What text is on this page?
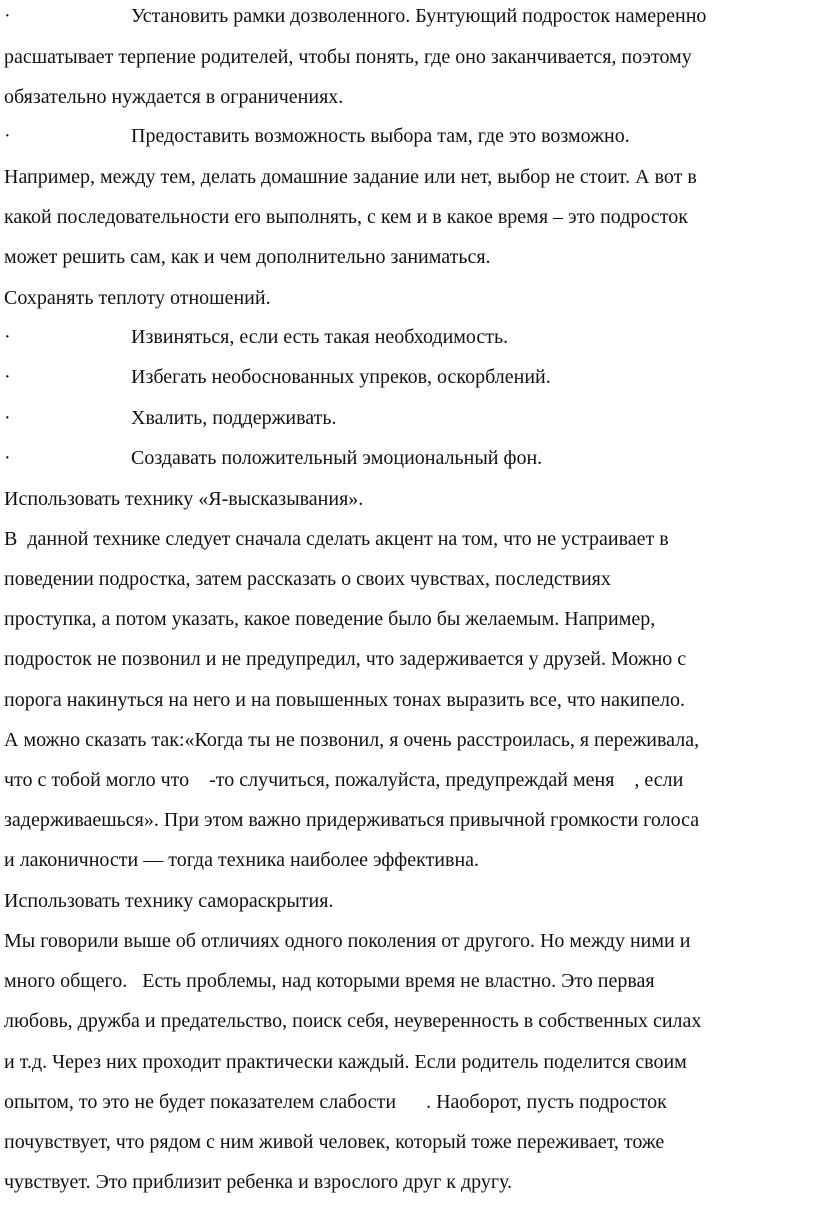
·	Установить рамки дозволенного. Бунтующий подросток намеренно
расшатывает терпение родителей, чтобы понять, где оно заканчивается, поэтому
обязательно нуждается в ограничениях.
·	Предоставить возможность выбора там, где это возможно.
Например, между тем, делать домашние задание или нет, выбор не стоит. А вот в
какой последовательности его выполнять, с кем и в какое время – это подросток
может решить сам, как и чем дополнительно заниматься.
Сохранять теплоту отношений.
·	Извиняться, если есть такая необходимость.
·	Избегать необоснованных упреков, оскорблений.
·	Хвалить, поддерживать.
·	Создавать положительный эмоциональный фон.
Использовать технику «Я-высказывания».
В  данной технике следует сначала сделать акцент на том, что не устраивает в
поведении подростка, затем рассказать о своих чувствах, последствиях
проступка, а потом указать, какое поведение было бы желаемым. Например,
подросток не позвонил и не предупредил, что задерживается у друзей. Можно с
порога накинуться на него и на повышенных тонах выразить все, что накипело.
А можно сказать так:«Когда ты не позвонил, я очень расстроилась, я переживала,
что с тобой могло что    -то случиться, пожалуйста, предупреждай меня    , если
задерживаешься». При этом важно придерживаться привычной громкости голоса
и лаконичности — тогда техника наиболее эффективна.
Использовать технику самораскрытия.
Мы говорили выше об отличиях одного поколения от другого. Но между ними и
много общего.   Есть проблемы, над которыми время не властно. Это первая
любовь, дружба и предательство, поиск себя, неуверенность в собственных силах
и т.д. Через них проходит практически каждый. Если родитель поделится своим
опытом, то это не будет показателем слабости      . Наоборот, пусть подросток
почувствует, что рядом с ним живой человек, который тоже переживает, тоже
чувствует. Это приблизит ребенка и взрослого друг к другу.
